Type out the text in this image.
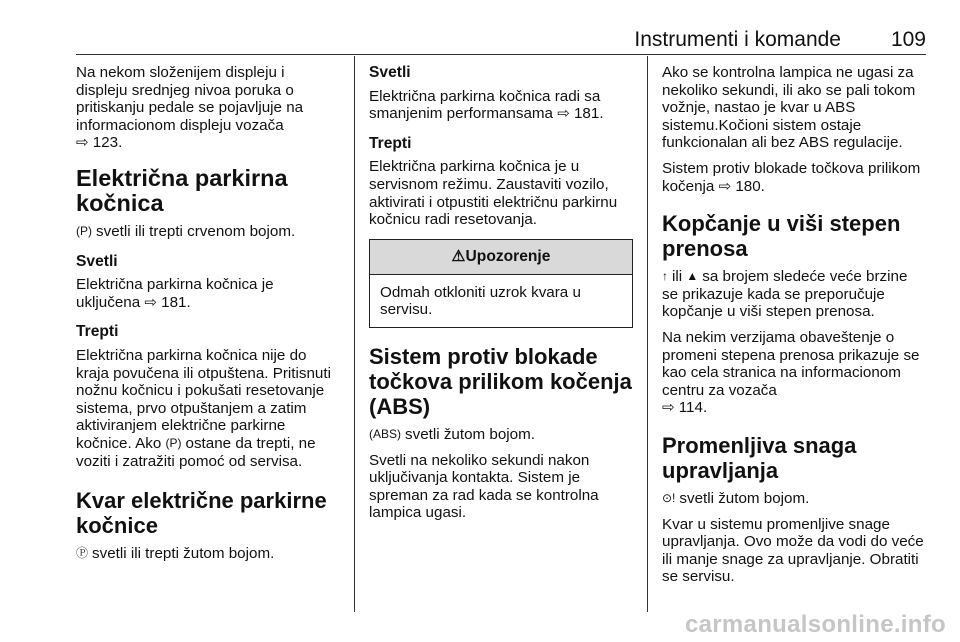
Instrumenti i komande 109

Na nekom složenijem displeju i displeju srednjeg nivoa poruka o pritiskanju pedale se pojavljuje na informacionom displeju vozača
⇨ 123.

Električna parkirna kočnica

(P) svetli ili trepti crvenom bojom.

Svetli

Električna parkirna kočnica je uključena ⇨ 181.

Trepti

Električna parkirna kočnica nije do kraja povučena ili otpuštena. Pritisnuti nožnu kočnicu i pokušati resetovanje sistema, prvo otpuštanjem a zatim aktiviranjem električne parkirne kočnice. Ako (P) ostane da trepti, ne voziti i zatražiti pomoć od servisa.

Kvar električne parkirne kočnice

Ⓟ svetli ili trepti žutom bojom.

Svetli

Električna parkirna kočnica radi sa smanjenim performansama ⇨ 181.

Trepti

Električna parkirna kočnica je u servisnom režimu. Zaustaviti vozilo, aktivirati i otpustiti električnu parkirnu kočnicu radi resetovanja.

⚠Upozorenje
Odmah otkloniti uzrok kvara u servisu.
Sistem protiv blokade točkova prilikom kočenja (ABS)

(ABS) svetli žutom bojom.

Svetli na nekoliko sekundi nakon uključivanja kontakta. Sistem je spreman za rad kada se kontrolna lampica ugasi.

Ako se kontrolna lampica ne ugasi za nekoliko sekundi, ili ako se pali tokom vožnje, nastao je kvar u ABS sistemu.Kočioni sistem ostaje funkcionalan ali bez ABS regulacije.

Sistem protiv blokade točkova prilikom kočenja ⇨ 180.

Kopčanje u viši stepen prenosa

↑ ili ▲ sa brojem sledeće veće brzine se prikazuje kada se preporučuje kopčanje u viši stepen prenosa.

Na nekim verzijama obaveštenje o promeni stepena prenosa prikazuje se kao cela stranica na informacionom centru za vozača
⇨ 114.

Promenljiva snaga upravljanja

⊙! svetli žutom bojom.

Kvar u sistemu promenljive snage upravljanja. Ovo može da vodi do veće ili manje snage za upravljanje. Obratiti se servisu.

carmanualsonline.info
